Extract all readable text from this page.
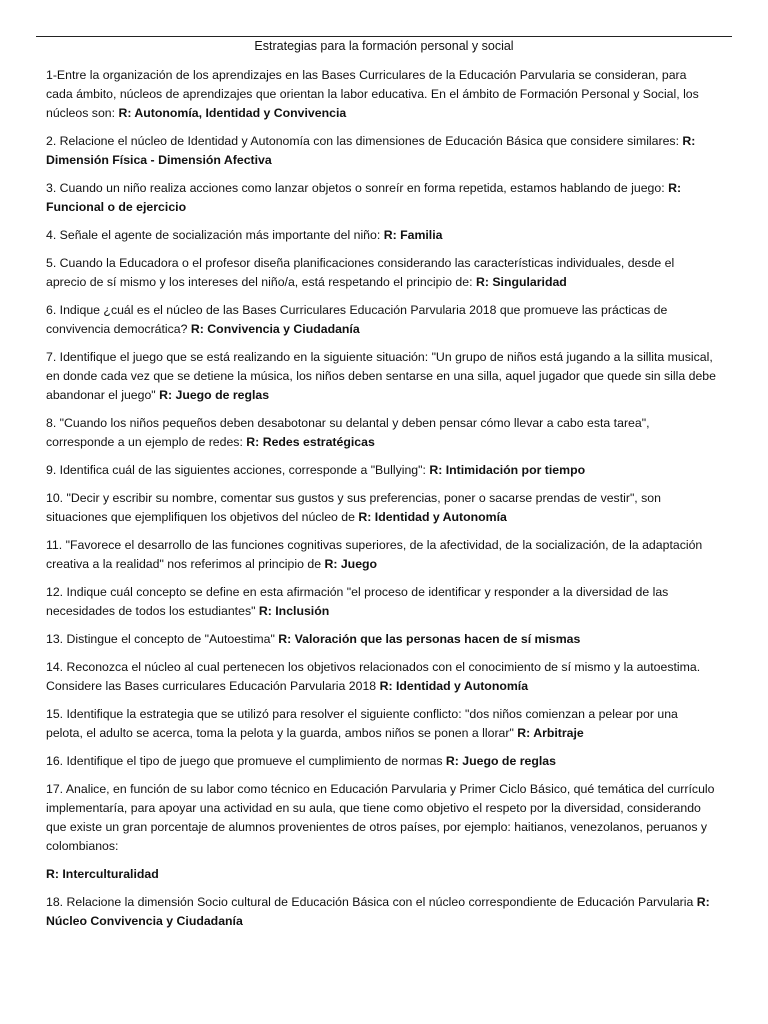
Estrategias para la formación personal y social

1-Entre la organización de los aprendizajes en las Bases Curriculares de la Educación Parvularia se consideran, para cada ámbito, núcleos de aprendizajes que orientan la labor educativa. En el ámbito de Formación Personal y Social, los núcleos son: R: Autonomía, Identidad y Convivencia

2. Relacione el núcleo de Identidad y Autonomía con las dimensiones de Educación Básica que considere similares: R: Dimensión Física - Dimensión Afectiva

3. Cuando un niño realiza acciones como lanzar objetos o sonreír en forma repetida, estamos hablando de juego: R: Funcional o de ejercicio

4. Señale el agente de socialización más importante del niño: R: Familia

5. Cuando la Educadora o el profesor diseña planificaciones considerando las características individuales, desde el aprecio de sí mismo y los intereses del niño/a, está respetando el principio de: R: Singularidad

6. Indique ¿cuál es el núcleo de las Bases Curriculares Educación Parvularia 2018 que promueve las prácticas de convivencia democrática? R: Convivencia y Ciudadanía

7. Identifique el juego que se está realizando en la siguiente situación: "Un grupo de niños está jugando a la sillita musical, en donde cada vez que se detiene la música, los niños deben sentarse en una silla, aquel jugador que quede sin silla debe abandonar el juego" R: Juego de reglas

8. "Cuando los niños pequeños deben desabotonar su delantal y deben pensar cómo llevar a cabo esta tarea", corresponde a un ejemplo de redes: R: Redes estratégicas

9. Identifica cuál de las siguientes acciones, corresponde a "Bullying": R: Intimidación por tiempo

10. "Decir y escribir su nombre, comentar sus gustos y sus preferencias, poner o sacarse prendas de vestir", son situaciones que ejemplifiquen los objetivos del núcleo de R: Identidad y Autonomía

11. "Favorece el desarrollo de las funciones cognitivas superiores, de la afectividad, de la socialización, de la adaptación creativa a la realidad" nos referimos al principio de R: Juego

12. Indique cuál concepto se define en esta afirmación "el proceso de identificar y responder a la diversidad de las necesidades de todos los estudiantes" R: Inclusión

13. Distingue el concepto de "Autoestima" R: Valoración que las personas hacen de sí mismas

14. Reconozca el núcleo al cual pertenecen los objetivos relacionados con el conocimiento de sí mismo y la autoestima. Considere las Bases curriculares Educación Parvularia 2018 R: Identidad y Autonomía

15. Identifique la estrategia que se utilizó para resolver el siguiente conflicto: "dos niños comienzan a pelear por una pelota, el adulto se acerca, toma la pelota y la guarda, ambos niños se ponen a llorar" R: Arbitraje

16. Identifique el tipo de juego que promueve el cumplimiento de normas R: Juego de reglas

17. Analice, en función de su labor como técnico en Educación Parvularia y Primer Ciclo Básico, qué temática del currículo implementaría, para apoyar una actividad en su aula, que tiene como objetivo el respeto por la diversidad, considerando que existe un gran porcentaje de alumnos provenientes de otros países, por ejemplo: haitianos, venezolanos, peruanos y colombianos:

R: Interculturalidad

18. Relacione la dimensión Socio cultural de Educación Básica con el núcleo correspondiente de Educación Parvularia R: Núcleo Convivencia y Ciudadanía
